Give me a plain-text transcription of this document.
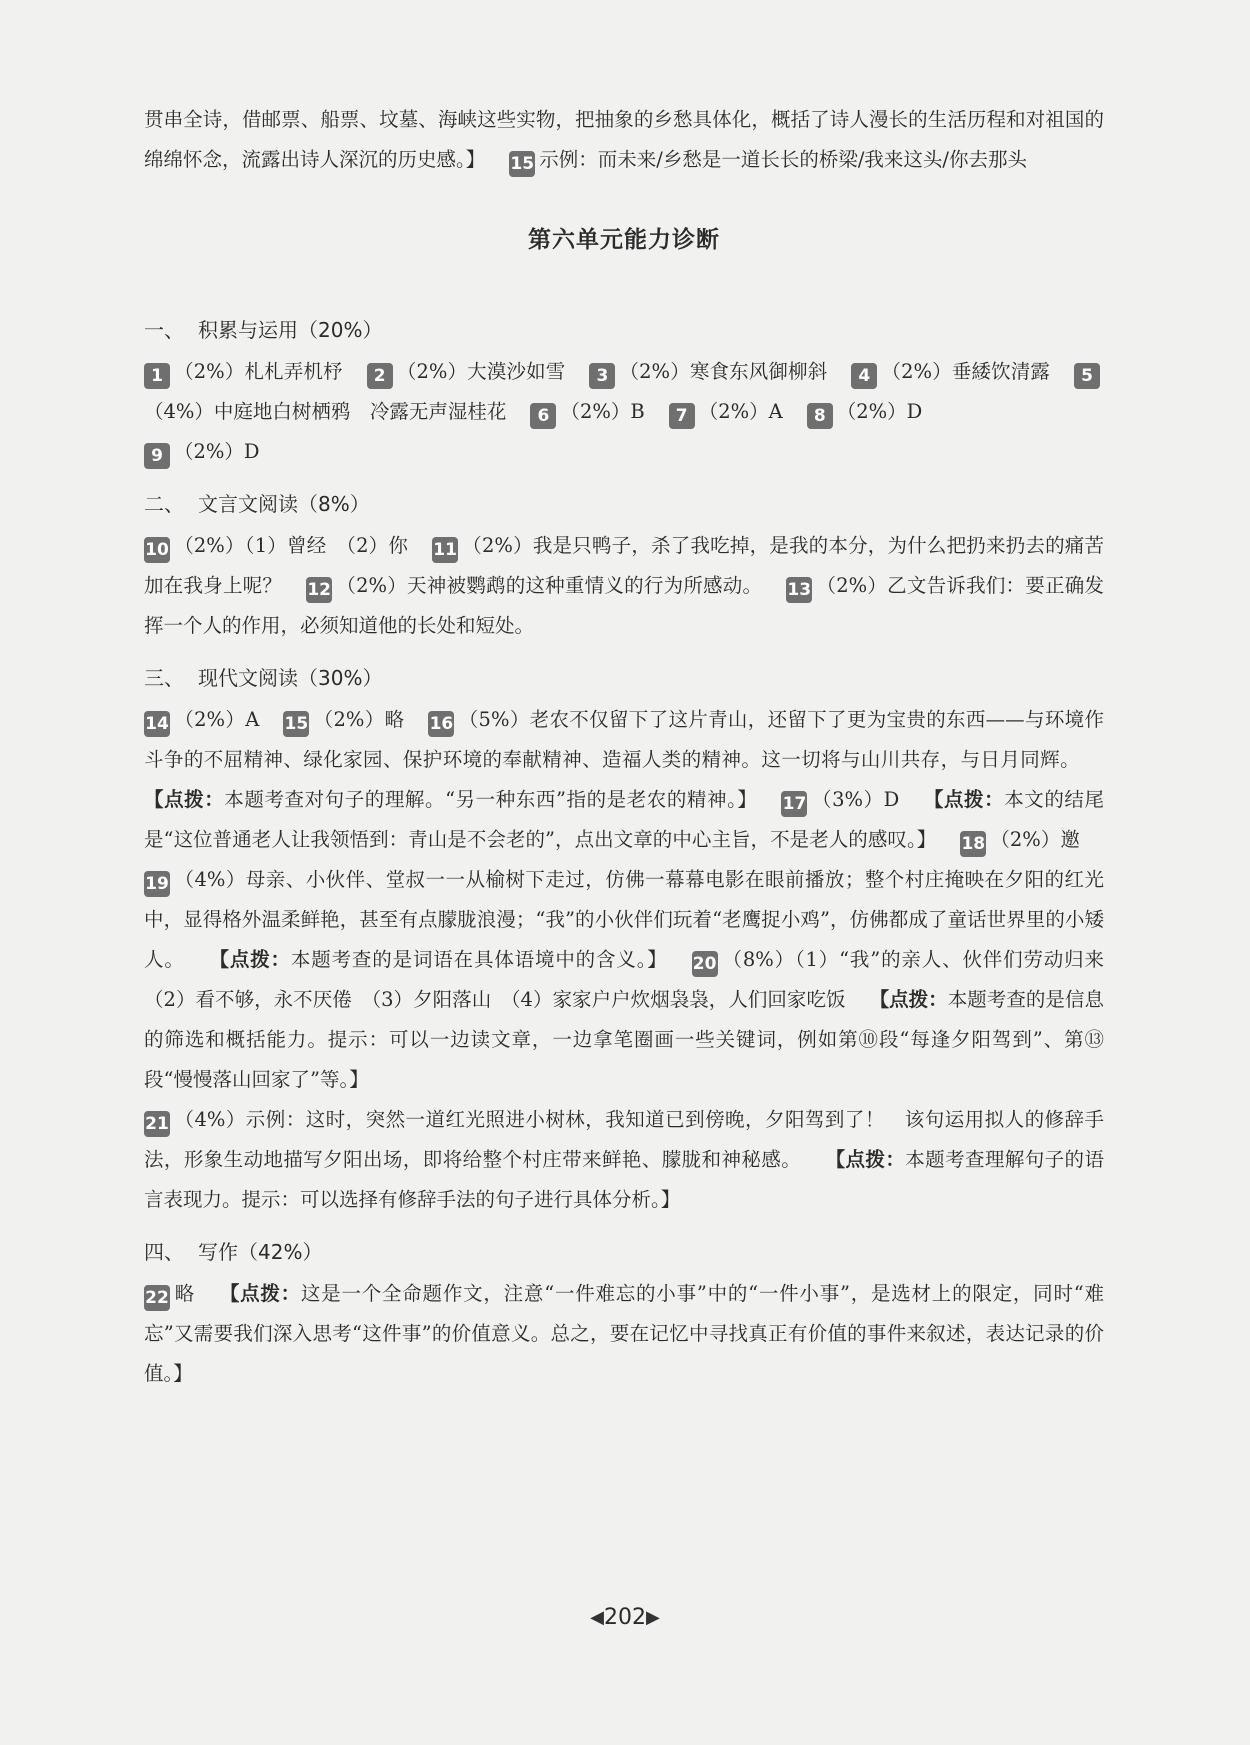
贯串全诗，借邮票、船票、坟墓、海峡这些实物，把抽象的乡愁具体化，概括了诗人漫长的生活历程和对祖国的绵绵怀念，流露出诗人深沉的历史感。】 15 示例：而未来/乡愁是一道长长的桥梁/我来这头/你去那头

第六单元能力诊断
一、 积累与运用（20%）

1 （2%）札札弄机杼 2 （2%）大漠沙如雪 3 （2%）寒食东风御柳斜 4 （2%）垂緌饮清露 5（4%）中庭地白树栖鸦　冷露无声湿桂花 6 （2%）B 7 （2%）A 8 （2%）D
9 （2%）D

二、 文言文阅读（8%）

10 （2%）（1）曾经　（2）你 11 （2%）我是只鸭子，杀了我吃掉，是我的本分，为什么把扔来扔去的痛苦加在我身上呢？ 12 （2%）天神被鹦鹉的这种重情义的行为所感动。 13 （2%）乙文告诉我们：要正确发挥一个人的作用，必须知道他的长处和短处。

三、 现代文阅读（30%）

14 （2%）A 15 （2%）略 16 （5%）老农不仅留下了这片青山，还留下了更为宝贵的东西——与环境作斗争的不屈精神、绿化家园、保护环境的奉献精神、造福人类的精神。这一切将与山川共存，与日月同辉。【点拨：本题考查对句子的理解。“另一种东西”指的是老农的精神。】 17 （3%）D 【点拨：本文的结尾是“这位普通老人让我领悟到：青山是不会老的”，点出文章的中心主旨，不是老人的感叹。】 18 （2%）邀19 （4%）母亲、小伙伴、堂叔一一从榆树下走过，仿佛一幕幕电影在眼前播放；整个村庄掩映在夕阳的红光中，显得格外温柔鲜艳，甚至有点朦胧浪漫；“我”的小伙伴们玩着“老鹰捉小鸡”，仿佛都成了童话世界里的小矮人。 【点拨：本题考查的是词语在具体语境中的含义。】 20 （8%）（1）“我”的亲人、伙伴们劳动归来　（2）看不够，永不厌倦　（3）夕阳落山　（4）家家户户炊烟袅袅，人们回家吃饭 【点拨：本题考查的是信息的筛选和概括能力。提示：可以一边读文章，一边拿笔圈画一些关键词，例如第⑩段“每逢夕阳驾到”、第⑬段“慢慢落山回家了”等。】
21 （4%）示例：这时，突然一道红光照进小树林，我知道已到傍晚，夕阳驾到了！　该句运用拟人的修辞手法，形象生动地描写夕阳出场，即将给整个村庄带来鲜艳、朦胧和神秘感。 【点拨：本题考查理解句子的语言表现力。提示：可以选择有修辞手法的句子进行具体分析。】

四、 写作（42%）

22 略 【点拨：这是一个全命题作文，注意“一件难忘的小事”中的“一件小事”，是选材上的限定，同时“难忘”又需要我们深入思考“这件事”的价值意义。总之，要在记忆中寻找真正有价值的事件来叙述，表达记录的价值。】

◀202▶
